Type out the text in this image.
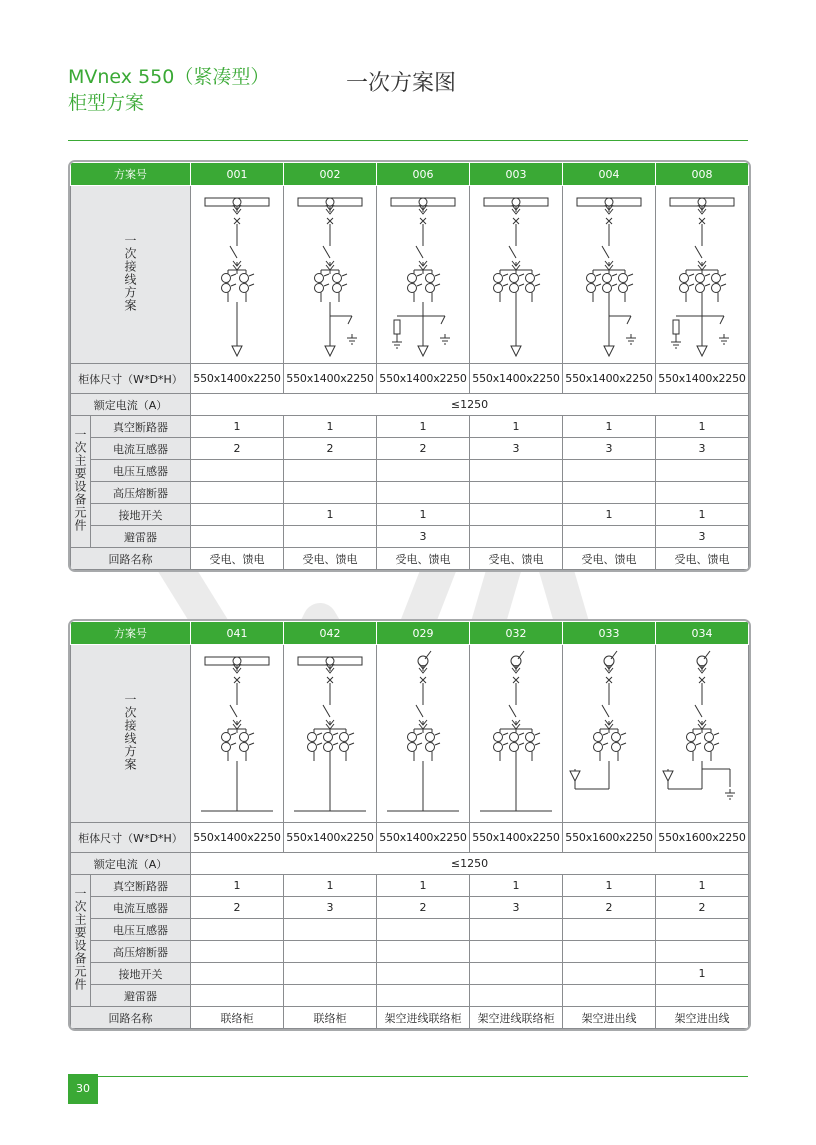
MVnex 550（紧凑型）
柜型方案
一次方案图
方案号		001	002	006	003	004	008
一次接线方案	

柜体尺寸（W*D*H）		550x1400x2250	550x1400x2250	550x1400x2250	550x1400x2250	550x1400x2250	550x1400x2250
额定电流（A）		≤1250					
一次主要设备元件	真空断路器	1	1	1	1	1	1
	电流互感器	2	2	2	3	3	3
	电压互感器						
	高压熔断器						
	接地开关		1	1		1	1
	避雷器			3			3
回路名称		受电、馈电	受电、馈电	受电、馈电	受电、馈电	受电、馈电	受电、馈电
方案号		041	042	029	032	033	034
一次接线方案	

柜体尺寸（W*D*H）		550x1400x2250	550x1400x2250	550x1400x2250	550x1400x2250	550x1600x2250	550x1600x2250
额定电流（A）		≤1250					
一次主要设备元件	真空断路器	1	1	1	1	1	1
	电流互感器	2	3	2	3	2	2
	电压互感器						
	高压熔断器						
	接地开关						1
	避雷器						
回路名称		联络柜	联络柜	架空进线联络柜	架空进线联络柜	架空进出线	架空进出线
30
